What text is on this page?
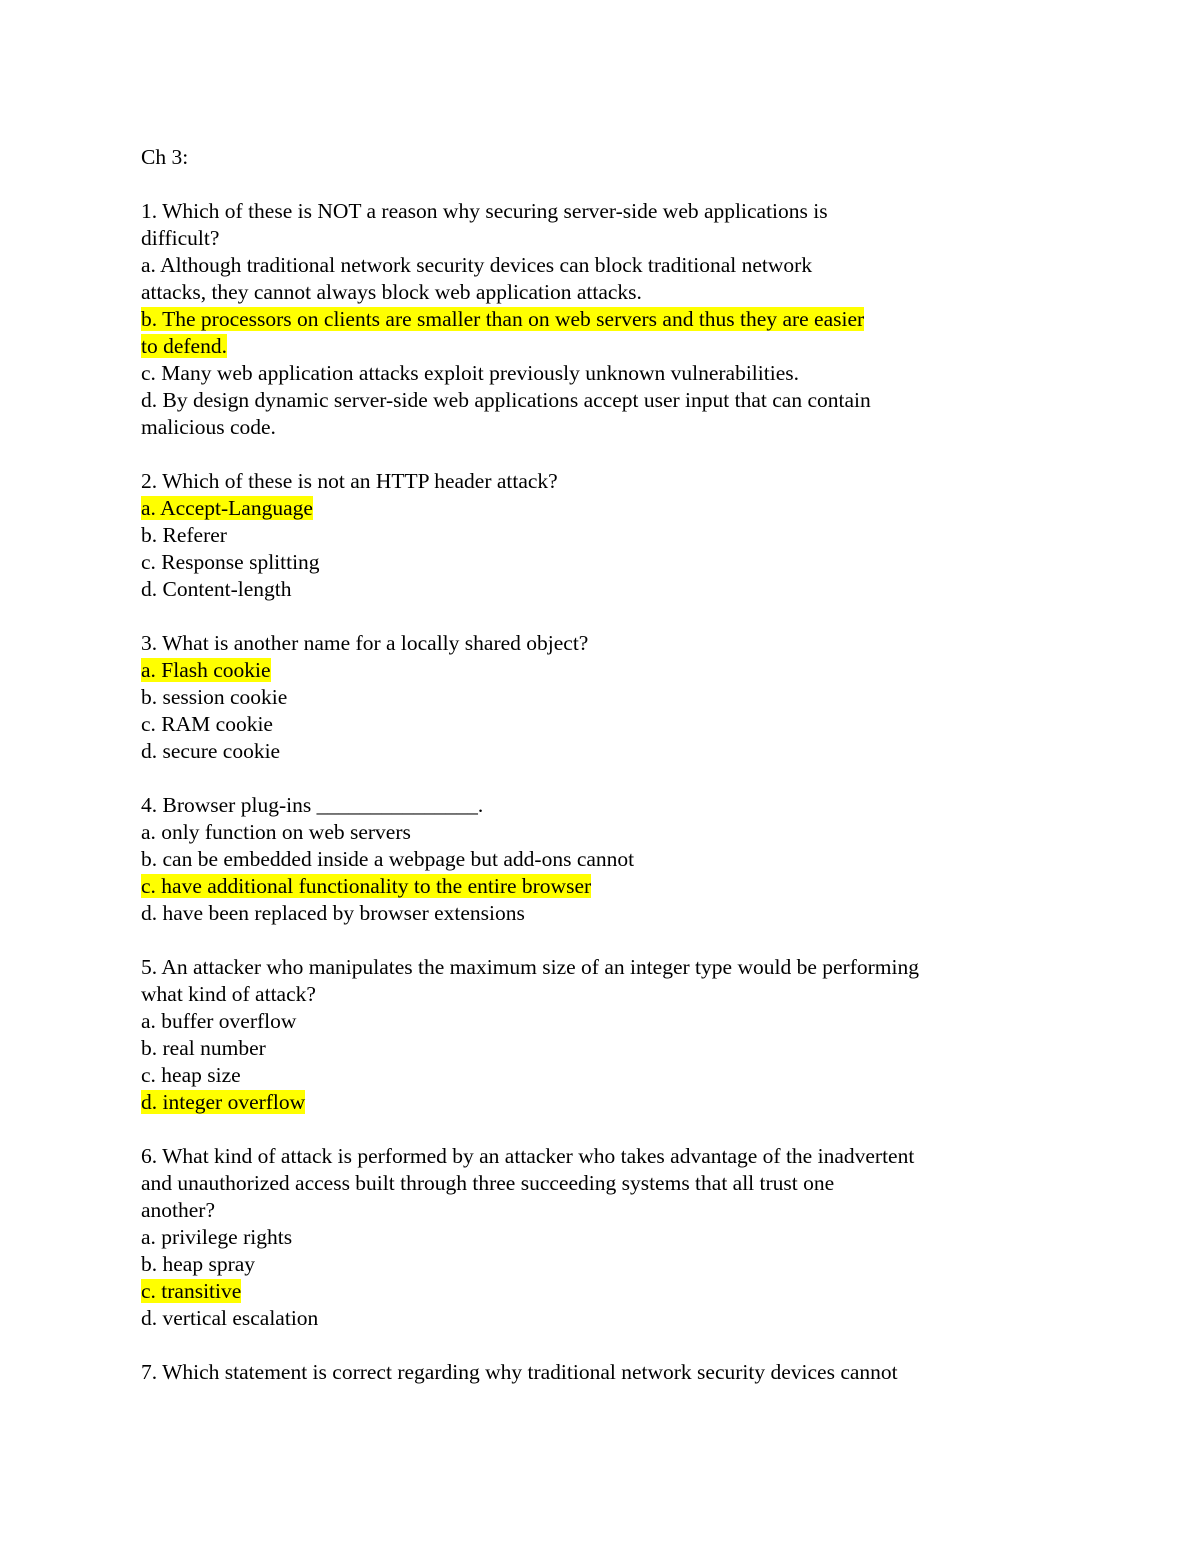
Ch 3:
1. Which of these is NOT a reason why securing server-side web applications is
difficult?
a. Although traditional network security devices can block traditional network
attacks, they cannot always block web application attacks.
b. The processors on clients are smaller than on web servers and thus they are easier
to defend.
c. Many web application attacks exploit previously unknown vulnerabilities.
d. By design dynamic server-side web applications accept user input that can contain
malicious code.
2. Which of these is not an HTTP header attack?
a. Accept-Language
b. Referer
c. Response splitting
d. Content-length
3. What is another name for a locally shared object?
a. Flash cookie
b. session cookie
c. RAM cookie
d. secure cookie
4. Browser plug-ins _______________.
a. only function on web servers
b. can be embedded inside a webpage but add-ons cannot
c. have additional functionality to the entire browser
d. have been replaced by browser extensions
5. An attacker who manipulates the maximum size of an integer type would be performing
what kind of attack?
a. buffer overflow
b. real number
c. heap size
d. integer overflow
6. What kind of attack is performed by an attacker who takes advantage of the inadvertent
and unauthorized access built through three succeeding systems that all trust one
another?
a. privilege rights
b. heap spray
c. transitive
d. vertical escalation
7. Which statement is correct regarding why traditional network security devices cannot
